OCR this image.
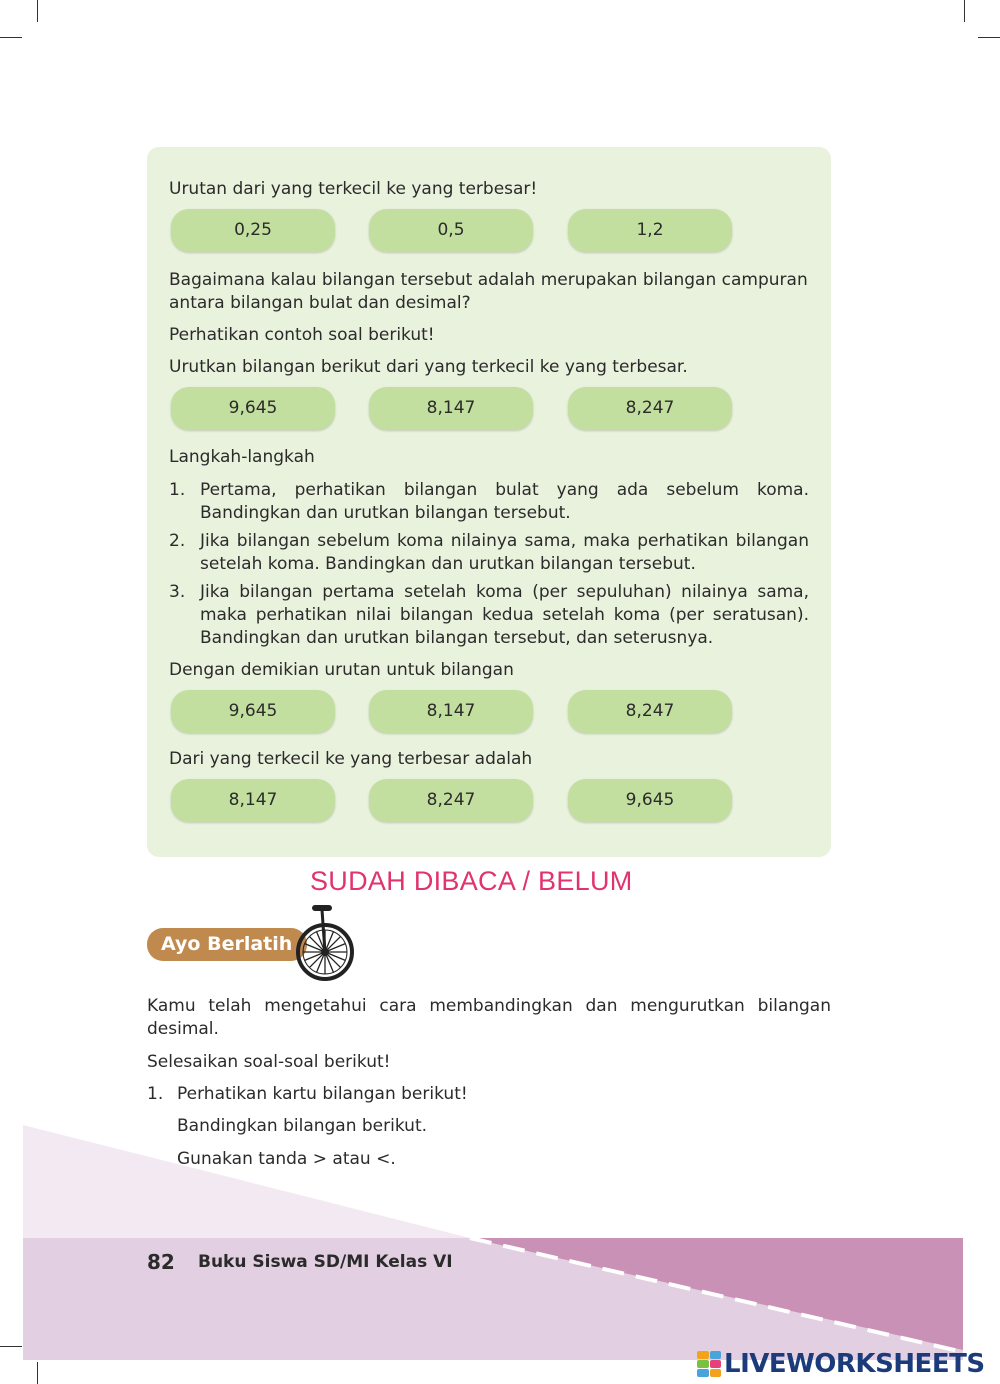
Urutan dari yang terkecil ke yang terbesar!
0,25	0,5	1,2
Bagaimana kalau bilangan tersebut adalah merupakan bilangan campuran
antara bilangan bulat dan desimal?
Perhatikan contoh soal berikut!
Urutkan bilangan berikut dari yang terkecil ke yang terbesar.
9,645	8,147	8,247
Langkah-langkah
1. Pertama, perhatikan bilangan bulat yang ada sebelum koma. Bandingkan dan urutkan bilangan tersebut.
2. Jika bilangan sebelum koma nilainya sama, maka perhatikan bilangan setelah koma. Bandingkan dan urutkan bilangan tersebut.
3. Jika bilangan pertama setelah koma (per sepuluhan) nilainya sama, maka perhatikan nilai bilangan kedua setelah koma (per seratusan). Bandingkan dan urutkan bilangan tersebut, dan seterusnya.
Dengan demikian urutan untuk bilangan
9,645	8,147	8,247
Dari yang terkecil ke yang terbesar adalah
8,147	8,247	9,645
SUDAH DIBACA / BELUM
Ayo Berlatih
Kamu telah mengetahui cara membandingkan dan mengurutkan bilangan
desimal.
Selesaikan soal-soal berikut!
1. Perhatikan kartu bilangan berikut!
Bandingkan bilangan berikut.
Gunakan tanda > atau <.
82 Buku Siswa SD/MI Kelas VI
LIVEWORKSHEETS
